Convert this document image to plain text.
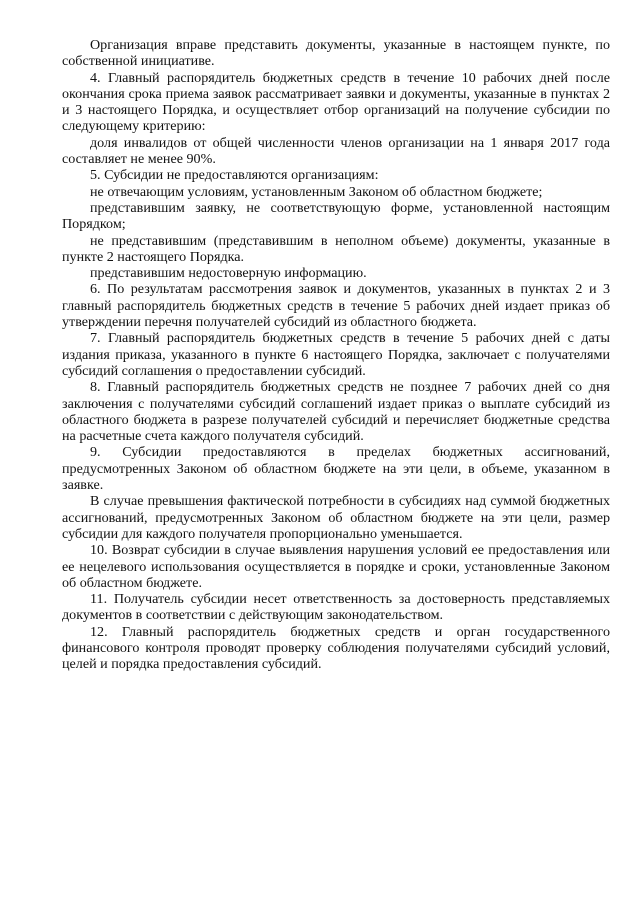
Организация вправе представить документы, указанные в настоящем пункте, по собственной инициативе.

4. Главный распорядитель бюджетных средств в течение 10 рабочих дней после окончания срока приема заявок рассматривает заявки и документы, указанные в пунктах 2 и 3 настоящего Порядка, и осуществляет отбор организаций на получение субсидии по следующему критерию:

доля инвалидов от общей численности членов организации на 1 января 2017 года составляет не менее 90%.

5. Субсидии не предоставляются организациям:

не отвечающим условиям, установленным Законом об областном бюджете;

представившим заявку, не соответствующую форме, установленной настоящим Порядком;

не представившим (представившим в неполном объеме) документы, указанные в пункте 2 настоящего Порядка.

представившим недостоверную информацию.

6. По результатам рассмотрения заявок и документов, указанных в пунктах 2 и 3 главный распорядитель бюджетных средств в течение 5 рабочих дней издает приказ об утверждении перечня получателей субсидий из областного бюджета.

7. Главный распорядитель бюджетных средств в течение 5 рабочих дней с даты издания приказа, указанного в пункте 6 настоящего Порядка, заключает с получателями субсидий соглашения о предоставлении субсидий.

8. Главный распорядитель бюджетных средств не позднее 7 рабочих дней со дня заключения с получателями субсидий соглашений издает приказ о выплате субсидий из областного бюджета в разрезе получателей субсидий и перечисляет бюджетные средства на расчетные счета каждого получателя субсидий.

9. Субсидии предоставляются в пределах бюджетных ассигнований, предусмотренных Законом об областном бюджете на эти цели, в объеме, указанном в заявке.

В случае превышения фактической потребности в субсидиях над суммой бюджетных ассигнований, предусмотренных Законом об областном бюджете на эти цели, размер субсидии для каждого получателя пропорционально уменьшается.

10. Возврат субсидии в случае выявления нарушения условий ее предоставления или ее нецелевого использования осуществляется в порядке и сроки, установленные Законом об областном бюджете.

11. Получатель субсидии несет ответственность за достоверность представляемых документов в соответствии с действующим законодательством.

12. Главный распорядитель бюджетных средств и орган государственного финансового контроля проводят проверку соблюдения получателями субсидий условий, целей и порядка предоставления субсидий.
